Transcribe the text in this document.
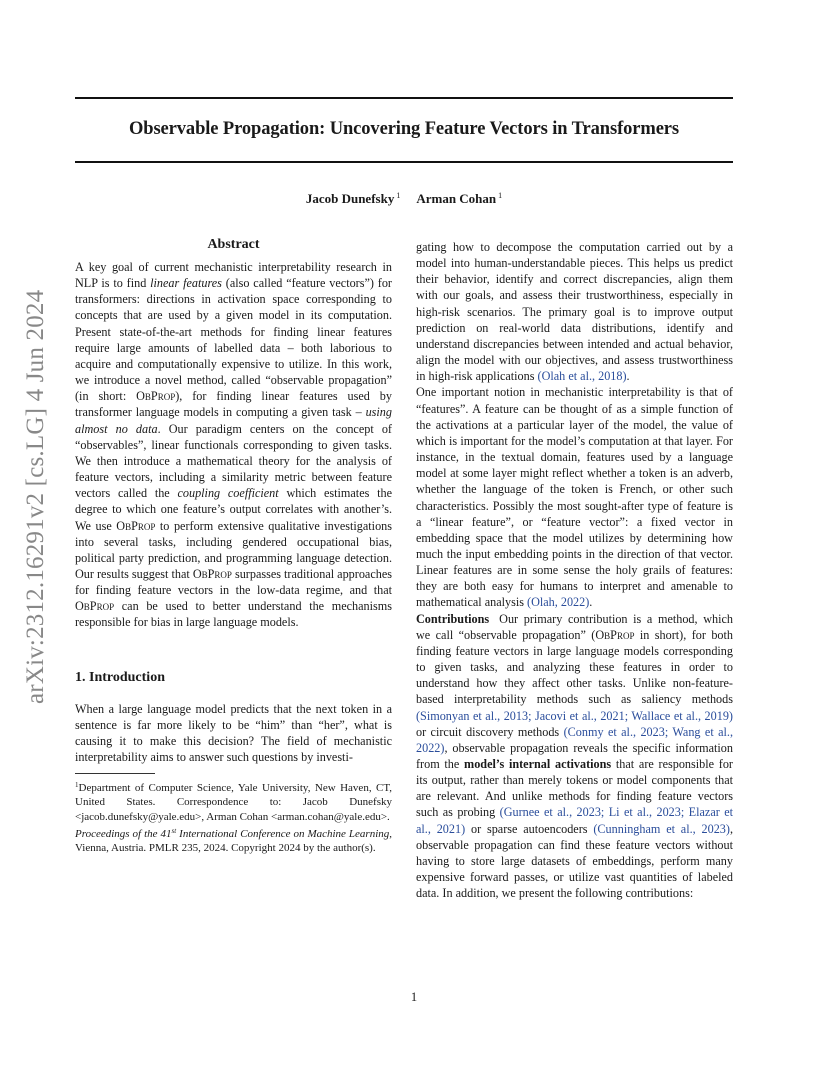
Observable Propagation: Uncovering Feature Vectors in Transformers
Jacob Dunefsky $^1$ Arman Cohan $^1$
arXiv:2312.16291v2 [cs.LG] 4 Jun 2024
Abstract

A key goal of current mechanistic interpretability research in NLP is to find linear features (also called “feature vectors”) for transformers: directions in activation space corresponding to concepts that are used by a given model in its computation. Present state-of-the-art methods for finding linear features require large amounts of labelled data – both laborious to acquire and computationally expensive to utilize. In this work, we introduce a novel method, called “observable propagation” (in short: ObProp), for finding linear features used by transformer language models in computing a given task – using almost no data. Our paradigm centers on the concept of “observables”, linear functionals corresponding to given tasks. We then introduce a mathematical theory for the analysis of feature vectors, including a similarity metric between feature vectors called the coupling coefficient which estimates the degree to which one feature’s output correlates with another’s. We use ObProp to perform extensive qualitative investigations into several tasks, including gendered occupational bias, political party prediction, and programming language detection. Our results suggest that ObProp surpasses traditional approaches for finding feature vectors in the low-data regime, and that ObProp can be used to better understand the mechanisms responsible for bias in large language models.

1. Introduction

When a large language model predicts that the next token in a sentence is far more likely to be “him” than “her”, what is causing it to make this decision? The field of mechanistic interpretability aims to answer such questions by investi-

$^1$Department of Computer Science, Yale University, New Haven, CT, United States. Correspondence to: Jacob Dunefsky <jacob.dunefsky@yale.edu>, Arman Cohan <arman.cohan@yale.edu>.

Proceedings of the 41st International Conference on Machine Learning, Vienna, Austria. PMLR 235, 2024. Copyright 2024 by the author(s).

gating how to decompose the computation carried out by a model into human-understandable pieces. This helps us predict their behavior, identify and correct discrepancies, align them with our goals, and assess their trustworthiness, especially in high-risk scenarios. The primary goal is to improve output prediction on real-world data distributions, identify and understand discrepancies between intended and actual behavior, align the model with our objectives, and assess trustworthiness in high-risk applications (Olah et al., 2018).

One important notion in mechanistic interpretability is that of “features”. A feature can be thought of as a simple function of the activations at a particular layer of the model, the value of which is important for the model’s computation at that layer. For instance, in the textual domain, features used by a language model at some layer might reflect whether a token is an adverb, whether the language of the token is French, or other such characteristics. Possibly the most sought-after type of feature is a “linear feature”, or “feature vector”: a fixed vector in embedding space that the model utilizes by determining how much the input embedding points in the direction of that vector. Linear features are in some sense the holy grails of features: they are both easy for humans to interpret and amenable to mathematical analysis (Olah, 2022).

Contributions Our primary contribution is a method, which we call “observable propagation” (ObProp in short), for both finding feature vectors in large language models corresponding to given tasks, and analyzing these features in order to understand how they affect other tasks. Unlike non-feature-based interpretability methods such as saliency methods (Simonyan et al., 2013; Jacovi et al., 2021; Wallace et al., 2019) or circuit discovery methods (Conmy et al., 2023; Wang et al., 2022), observable propagation reveals the specific information from the model’s internal activations that are responsible for its output, rather than merely tokens or model components that are relevant. And unlike methods for finding feature vectors such as probing (Gurnee et al., 2023; Li et al., 2023; Elazar et al., 2021) or sparse autoencoders (Cunningham et al., 2023), observable propagation can find these feature vectors without having to store large datasets of embeddings, perform many expensive forward passes, or utilize vast quantities of labeled data. In addition, we present the following contributions:

1
